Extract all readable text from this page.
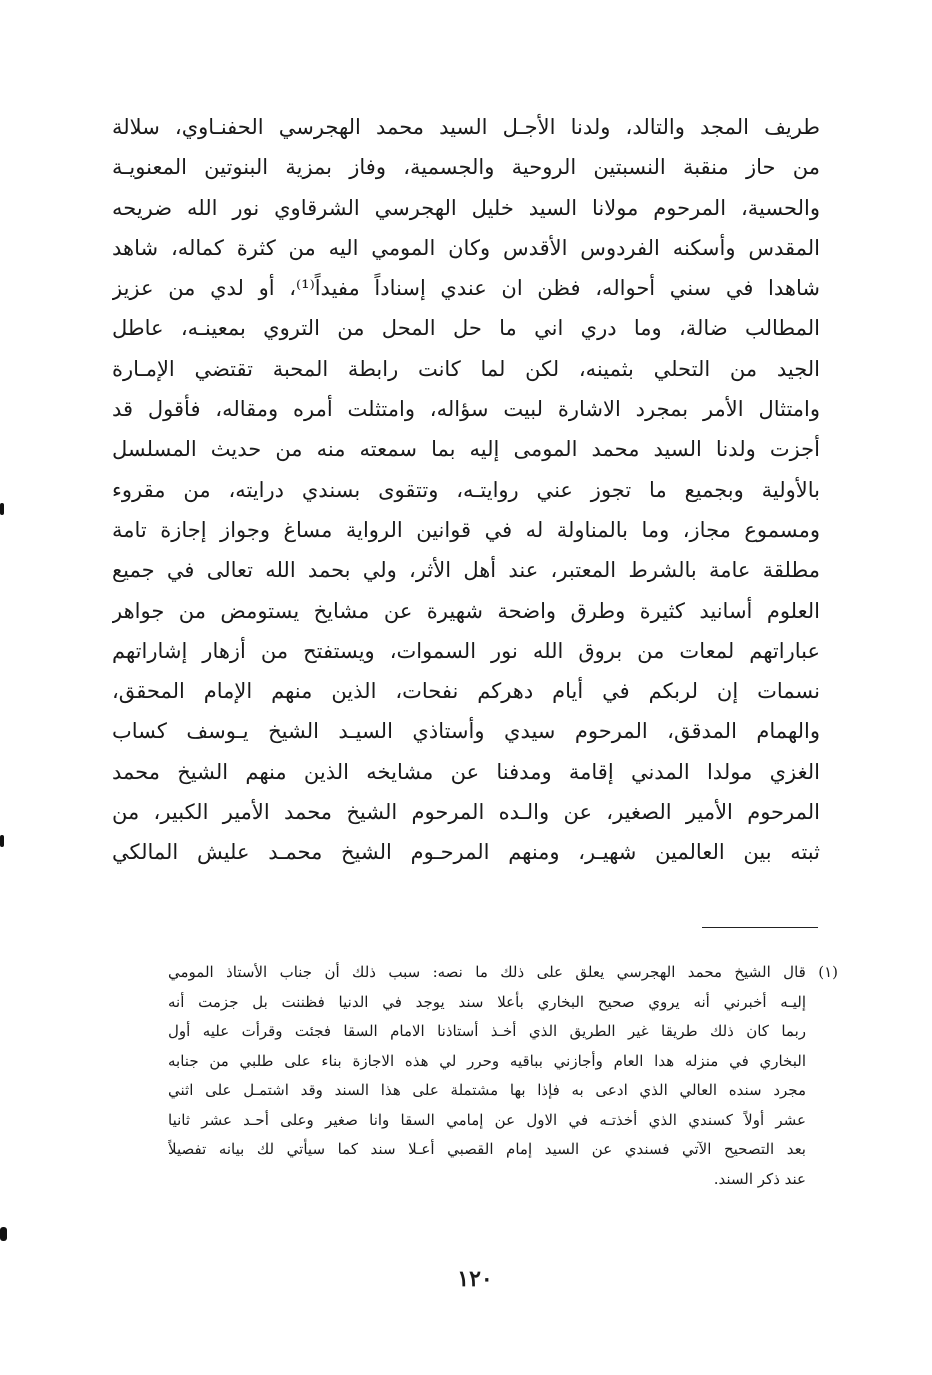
طريف المجد والتالد، ولدنا الأجـل السيد محمد الهجرسي الحفنـاوي، سلالة
من حاز منقبة النسبتين الروحية والجسمية، وفاز بمزية البنوتين المعنويـة
والحسية، المرحوم مولانا السيد خليل الهجرسي الشرقاوي نور الله ضريحه
المقدس وأسكنه الفردوس الأقدس وكان المومي اليه من كثرة كماله، شاهد
شاهدا في سني أحواله، فظن ان عندي إسناداً مفيداً⁽¹⁾، أو لدي من عزيز
المطالب ضالة، وما دري اني ما حل المحل من التروي بمعينـه، عاطل
الجيد من التحلي بثمينه، لكن لما كانت رابطة المحبة تقتضي الإمـارة
وامتثال الأمر بمجرد الاشارة لبيت سؤاله، وامتثلت أمره ومقاله، فأقول قد
أجزت ولدنا السيد محمد المومى إليه بما سمعته منه من حديث المسلسل
بالأولية وبجميع ما تجوز عني روايتـه، وتتقوى بسندي درايته، من مقروء
ومسموع مجاز، وما بالمناولة له في قوانين الرواية مساغ وجواز إجازة تامة
مطلقة عامة بالشرط المعتبر، عند أهل الأثر، ولي بحمد الله تعالى في جميع
العلوم أسانيد كثيرة وطرق واضحة شهيرة عن مشايخ يستومض من جواهر
عباراتهم لمعات من بروق الله نور السموات، ويستفتح من أزهار إشاراتهم
نسمات إن لربكم في أيام دهركم نفحات، الذين منهم الإمام المحقق،
والهمام المدقق، المرحوم سيدي وأستاذي السيـد الشيخ يـوسف كساب
الغزي مولدا المدني إقامة ومدفنا عن مشايخه الذين منهم الشيخ محمد
المرحوم الأمير الصغير، عن والـده المرحوم الشيخ محمد الأمير الكبير، من
ثبته بين العالمين شهيـر، ومنهم المرحـوم الشيخ محمـد عليش المالكي
(١) قال الشيخ محمد الهجرسي يعلق على ذلك ما نصه: سبب ذلك أن جناب الأستاذ المومي
إليـه أخبرني أنه يروي صحيح البخاري بأعلا سند يوجد في الدنيا فظننت بل جزمت أنه
ربما كان ذلك طريقا غير الطريق الذي أخـذ أستاذنا الامام السقا فجئت وقرأت عليه أول
البخاري في منزله هدا العام وأجازني بباقيه وحرر لي هذه الاجازة بناء على طلبي من جنابه
مجرد سنده العالي الذي ادعى به فإذا بها مشتملة على هذا السند وقد اشتمـل على اثني
عشر أولاً كسندي الذي أخذتـه في الاول عن إمامي السقا وانا صغير وعلى أحـد عشر ثانيا
بعد التصحيح الآتي فسندي عن السيد إمام القصبي أعـلا سند كما سيأتي لك بيانه تفصيلاً
عند ذكر السند.
١٢٠
